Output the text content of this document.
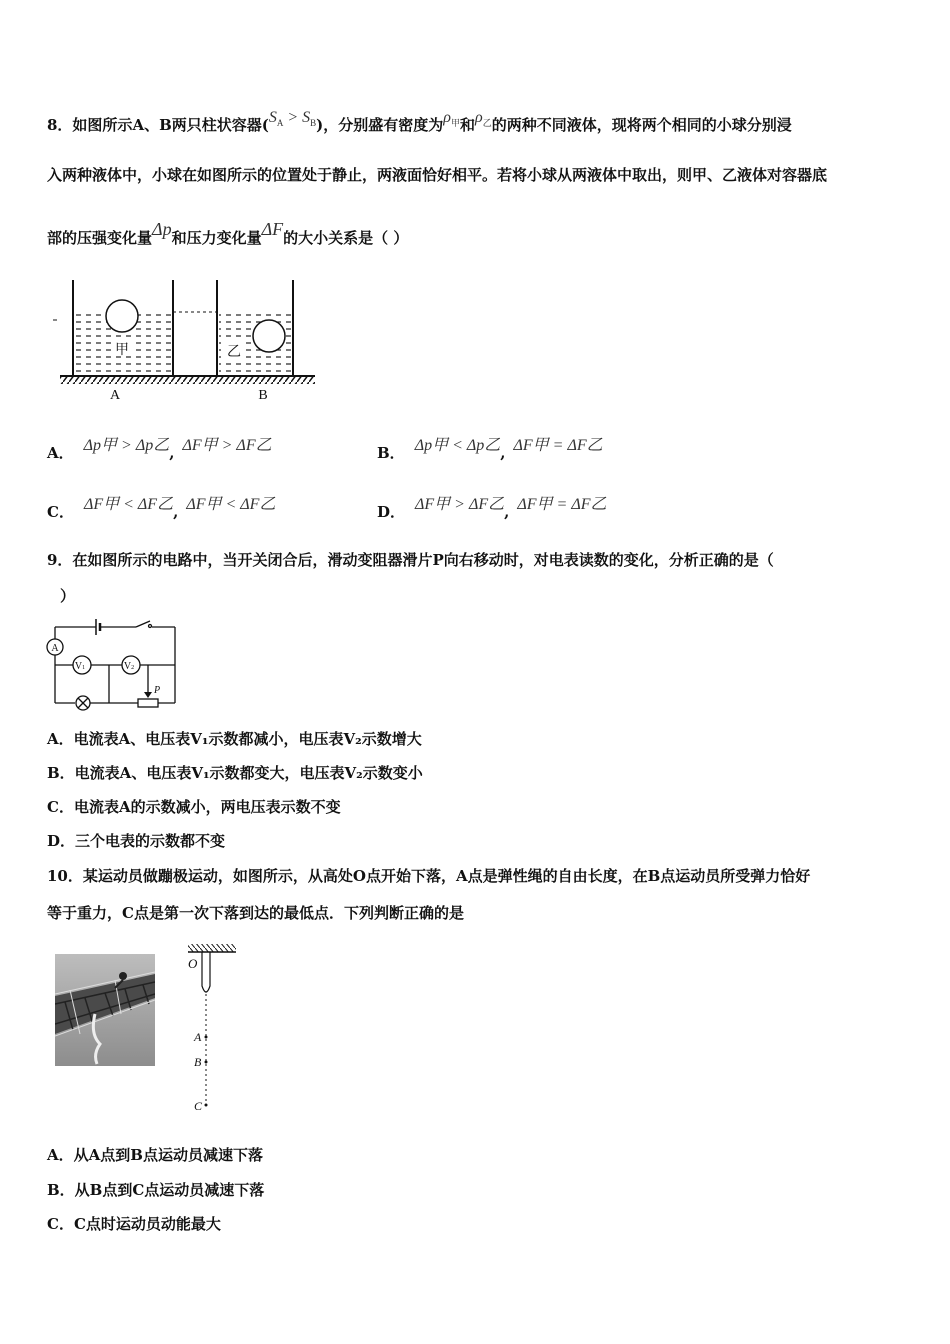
8．如图所示A、B两只柱状容器$(S_A > S_B)$，分别盛有密度为$\rho_甲$和$\rho_乙$的两种不同液体，现将两个相同的小球分别浸
入两种液体中，小球在如图所示的位置处于静止，两液面恰好相平。若将小球从两液体中取出，则甲、乙液体对容器底
部的压强变化量Δp和压力变化量ΔF的大小关系是（ ）
甲	乙
A	B
A． Δp甲 > Δp乙, ΔF甲 > ΔF乙	B． Δp甲 < Δp乙, ΔF甲 = ΔF乙
C． ΔF甲 < ΔF乙, ΔF甲 < ΔF乙	D． ΔF甲 > ΔF乙, ΔF甲 = ΔF乙
9．在如图所示的电路中，当开关闭合后，滑动变阻器滑片P向右移动时，对电表读数的变化，分析正确的是（
）
A
V1	V2
P
A．电流表A、电压表V₁示数都减小，电压表V₂示数增大
B．电流表A、电压表V₁示数都变大，电压表V₂示数变小
C．电流表A的示数减小，两电压表示数不变
D．三个电表的示数都不变
10．某运动员做蹦极运动，如图所示，从高处O点开始下落，A点是弹性绳的自由长度，在B点运动员所受弹力恰好
等于重力，C点是第一次下落到达的最低点．下列判断正确的是
O
A
B
C
A．从A点到B点运动员减速下落
B．从B点到C点运动员减速下落
C．C点时运动员动能最大
